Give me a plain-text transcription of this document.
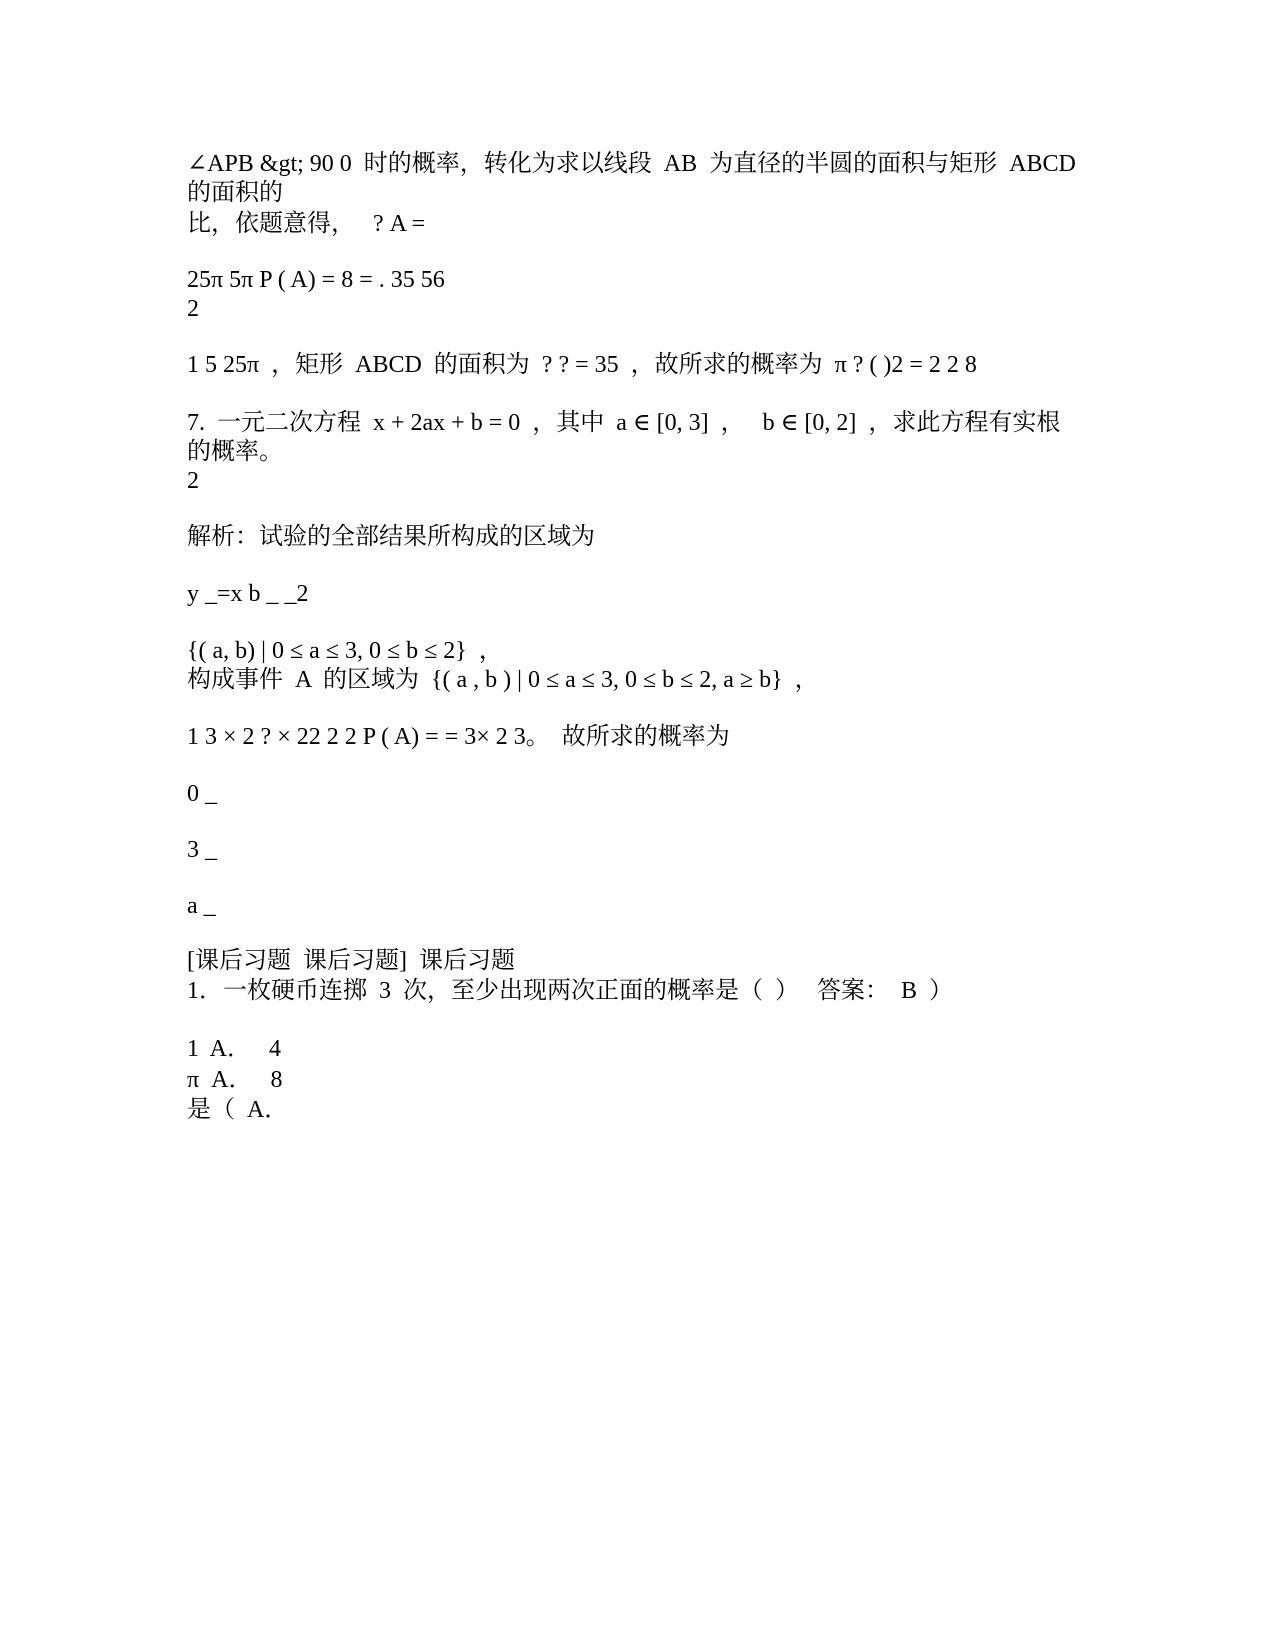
∠APB &gt; 90 0  时的概率，转化为求以线段  AB  为直径的半圆的面积与矩形  ABCD
的面积的
比，依题意得，   ? A =
25π 5π P ( A) = 8 = . 35 56
2
1 5 25π  ，矩形  ABCD  的面积为  ? ? = 35  ，故所求的概率为  π ? ( )2 = 2 2 8
7.  一元二次方程  x + 2ax + b = 0  ，其中  a ∈ [0, 3]  ，   b ∈ [0, 2]  ，求此方程有实根
的概率。
2
解析：试验的全部结果所构成的区域为
y _=x b _ _2
{( a, b) | 0 ≤ a ≤ 3, 0 ≤ b ≤ 2}  ，
构成事件  A  的区域为  {( a , b ) | 0 ≤ a ≤ 3, 0 ≤ b ≤ 2, a ≥ b}  ，
1 3 × 2 ? × 22 2 2 P ( A) = = 3× 2 3。  故所求的概率为
0 _
3 _
a _
[课后习题  课后习题]  课后习题
1．一枚硬币连掷  3  次，至少出现两次正面的概率是（  ）   答案：  B  ）
1  A．   4
π  A．   8
是（  A．
